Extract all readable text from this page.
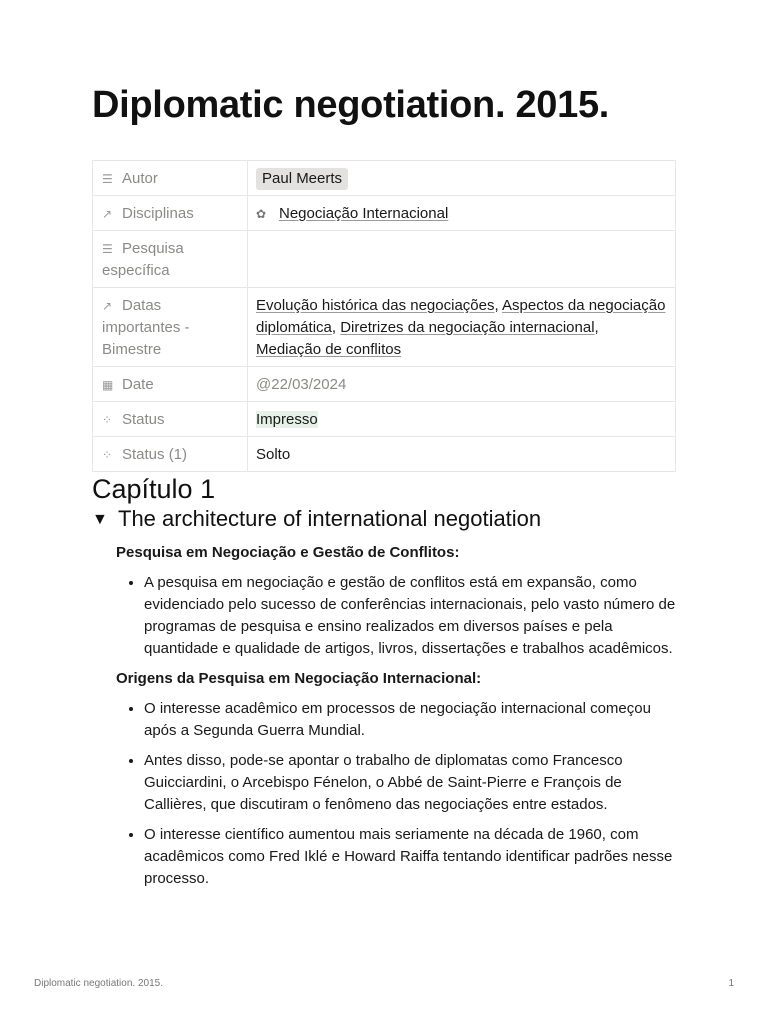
Diplomatic negotiation. 2015.
☰ Autor	Paul Meerts
↗ Disciplinas	✿ Negociação Internacional
☰ Pesquisa específica	
↗ Datas importantes - Bimestre	Evolução histórica das negociações, Aspectos da negociação diplomática, Diretrizes da negociação internacional, Mediação de conflitos
▦ Date	@22/03/2024
⁘ Status	Impresso
⁘ Status (1)	Solto
Capítulo 1
▼ The architecture of international negotiation

Pesquisa em Negociação e Gestão de Conflitos:

• A pesquisa em negociação e gestão de conflitos está em expansão, como evidenciado pelo sucesso de conferências internacionais, pelo vasto número de programas de pesquisa e ensino realizados em diversos países e pela quantidade e qualidade de artigos, livros, dissertações e trabalhos acadêmicos.

Origens da Pesquisa em Negociação Internacional:

• O interesse acadêmico em processos de negociação internacional começou após a Segunda Guerra Mundial.
• Antes disso, pode-se apontar o trabalho de diplomatas como Francesco Guicciardini, o Arcebispo Fénelon, o Abbé de Saint-Pierre e François de Callières, que discutiram o fenômeno das negociações entre estados.
• O interesse científico aumentou mais seriamente na década de 1960, com acadêmicos como Fred Iklé e Howard Raiffa tentando identificar padrões nesse processo.
Diplomatic negotiation. 2015.	1
